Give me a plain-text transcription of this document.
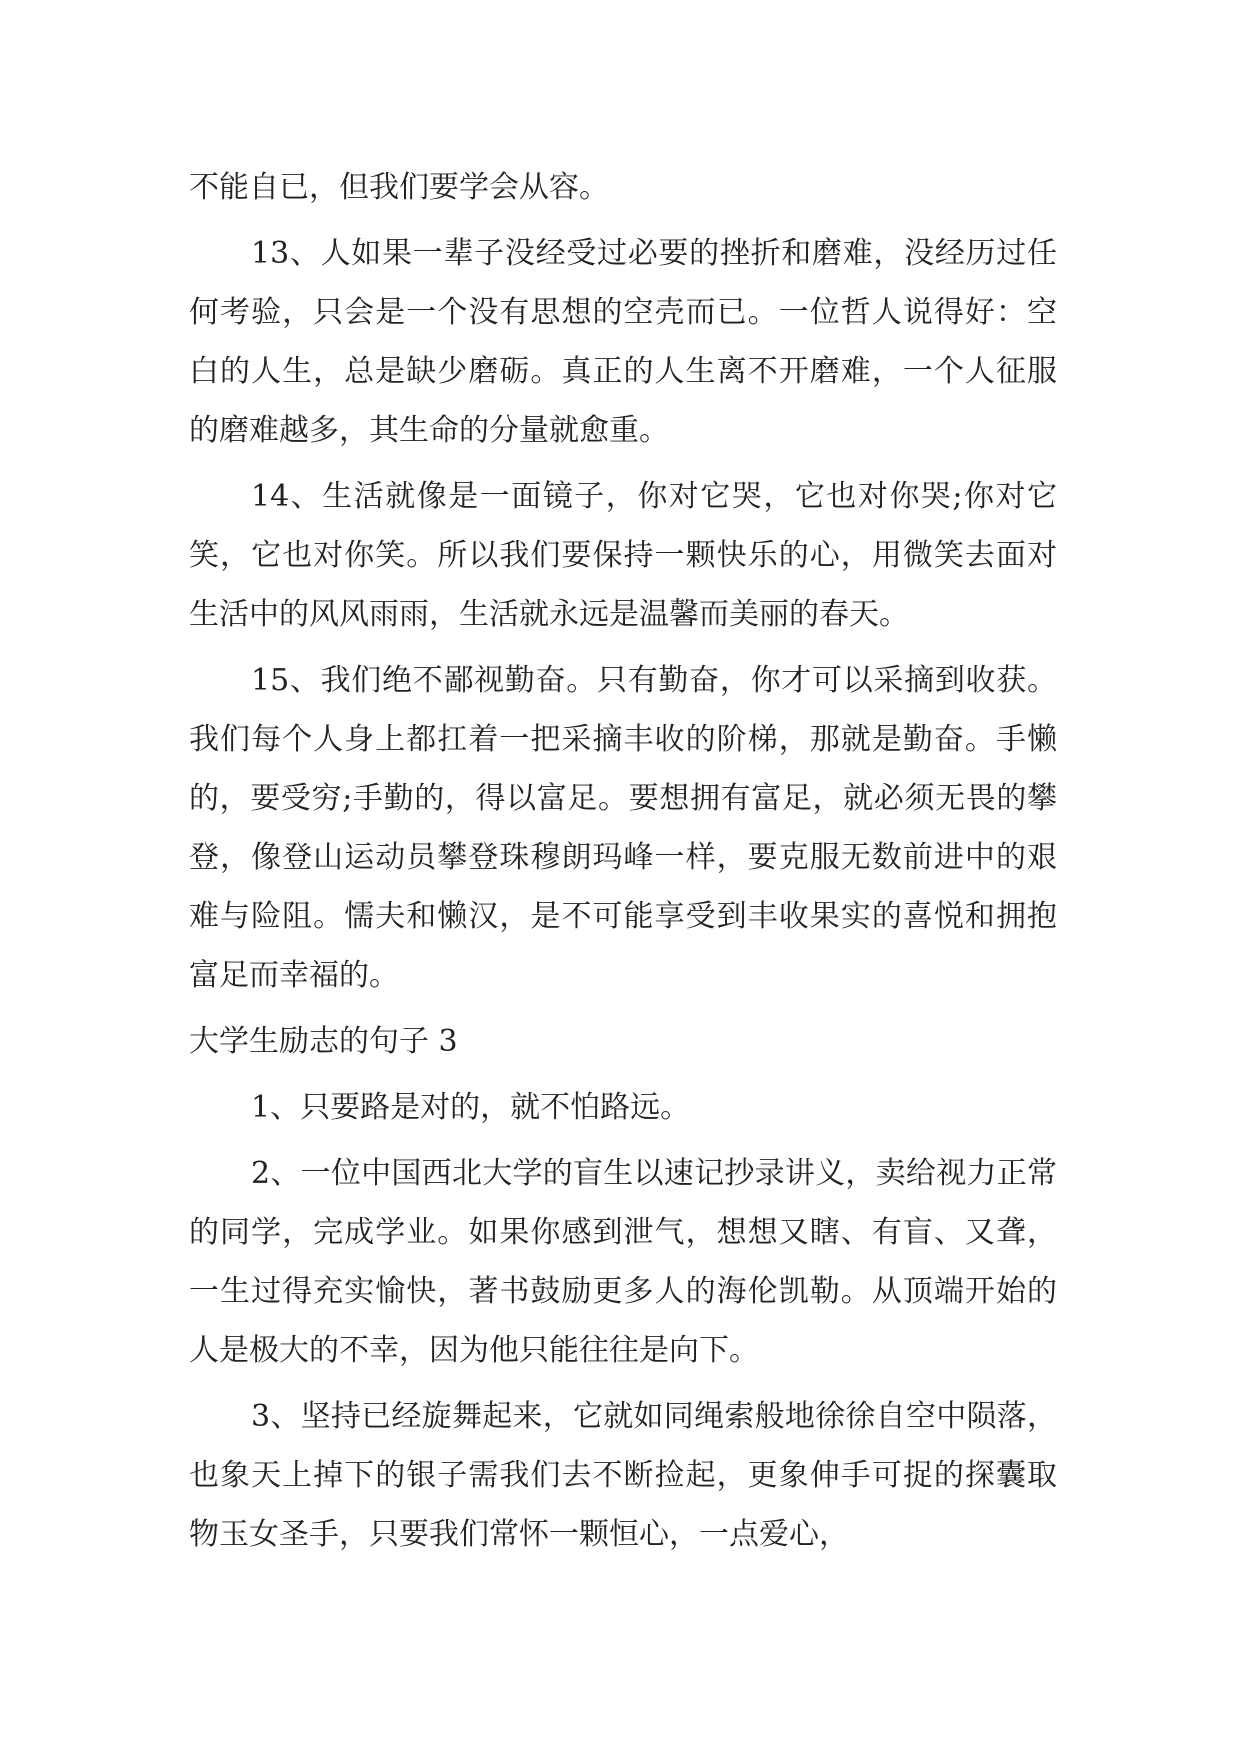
不能自已，但我们要学会从容。

13、人如果一辈子没经受过必要的挫折和磨难，没经历过任何考验，只会是一个没有思想的空壳而已。一位哲人说得好：空白的人生，总是缺少磨砺。真正的人生离不开磨难，一个人征服的磨难越多，其生命的分量就愈重。

14、生活就像是一面镜子，你对它哭，它也对你哭;你对它笑，它也对你笑。所以我们要保持一颗快乐的心，用微笑去面对生活中的风风雨雨，生活就永远是温馨而美丽的春天。

15、我们绝不鄙视勤奋。只有勤奋，你才可以采摘到收获。我们每个人身上都扛着一把采摘丰收的阶梯，那就是勤奋。手懒的，要受穷;手勤的，得以富足。要想拥有富足，就必须无畏的攀登，像登山运动员攀登珠穆朗玛峰一样，要克服无数前进中的艰难与险阻。懦夫和懒汉，是不可能享受到丰收果实的喜悦和拥抱富足而幸福的。

大学生励志的句子 3

1、只要路是对的，就不怕路远。

2、一位中国西北大学的盲生以速记抄录讲义，卖给视力正常的同学，完成学业。如果你感到泄气，想想又瞎、有盲、又聋，一生过得充实愉快，著书鼓励更多人的海伦凯勒。从顶端开始的人是极大的不幸，因为他只能往往是向下。

3、坚持已经旋舞起来，它就如同绳索般地徐徐自空中陨落，也象天上掉下的银子需我们去不断捡起，更象伸手可捉的探囊取物玉女圣手，只要我们常怀一颗恒心，一点爱心，
